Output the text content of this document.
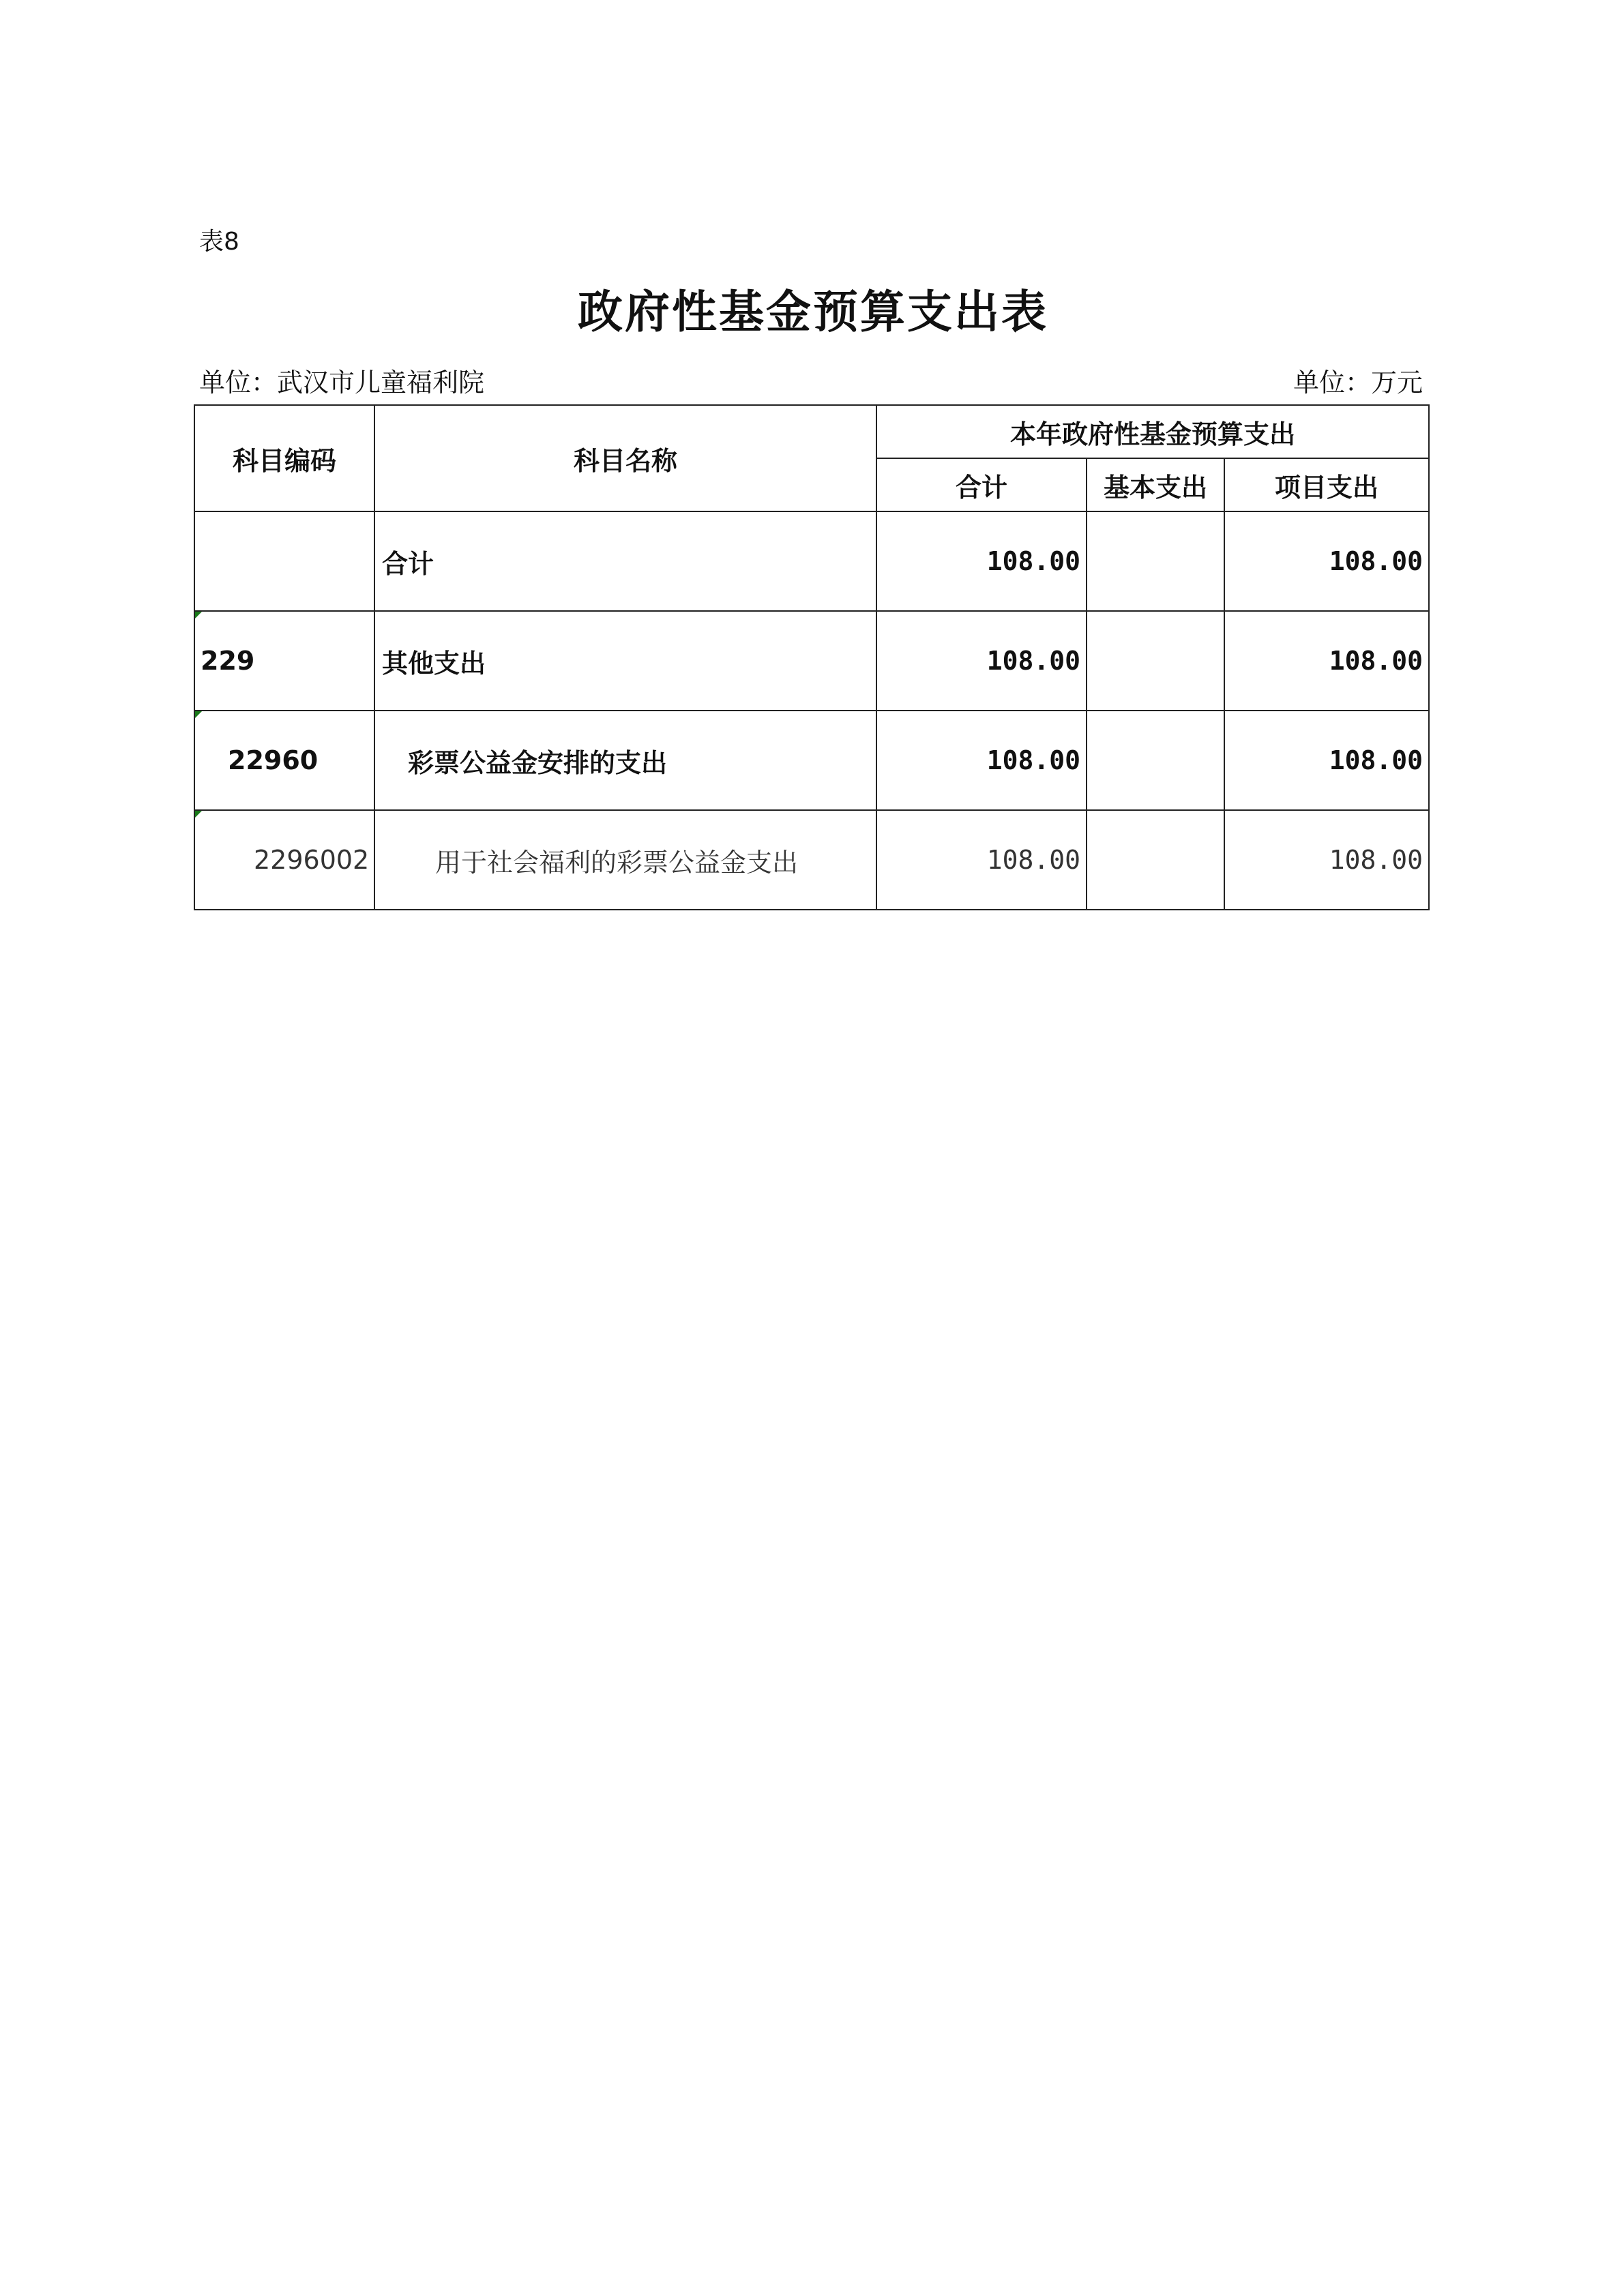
表8
政府性基金预算支出表
单位：武汉市儿童福利院	单位：万元
科目编码	科目名称	本年政府性基金预算支出		
		合计	基本支出	项目支出
	合计	108.00		108.00

229	其他支出	108.00		108.00

22960	彩票公益金安排的支出	108.00		108.00

2296002	用于社会福利的彩票公益金支出	108.00		108.00
